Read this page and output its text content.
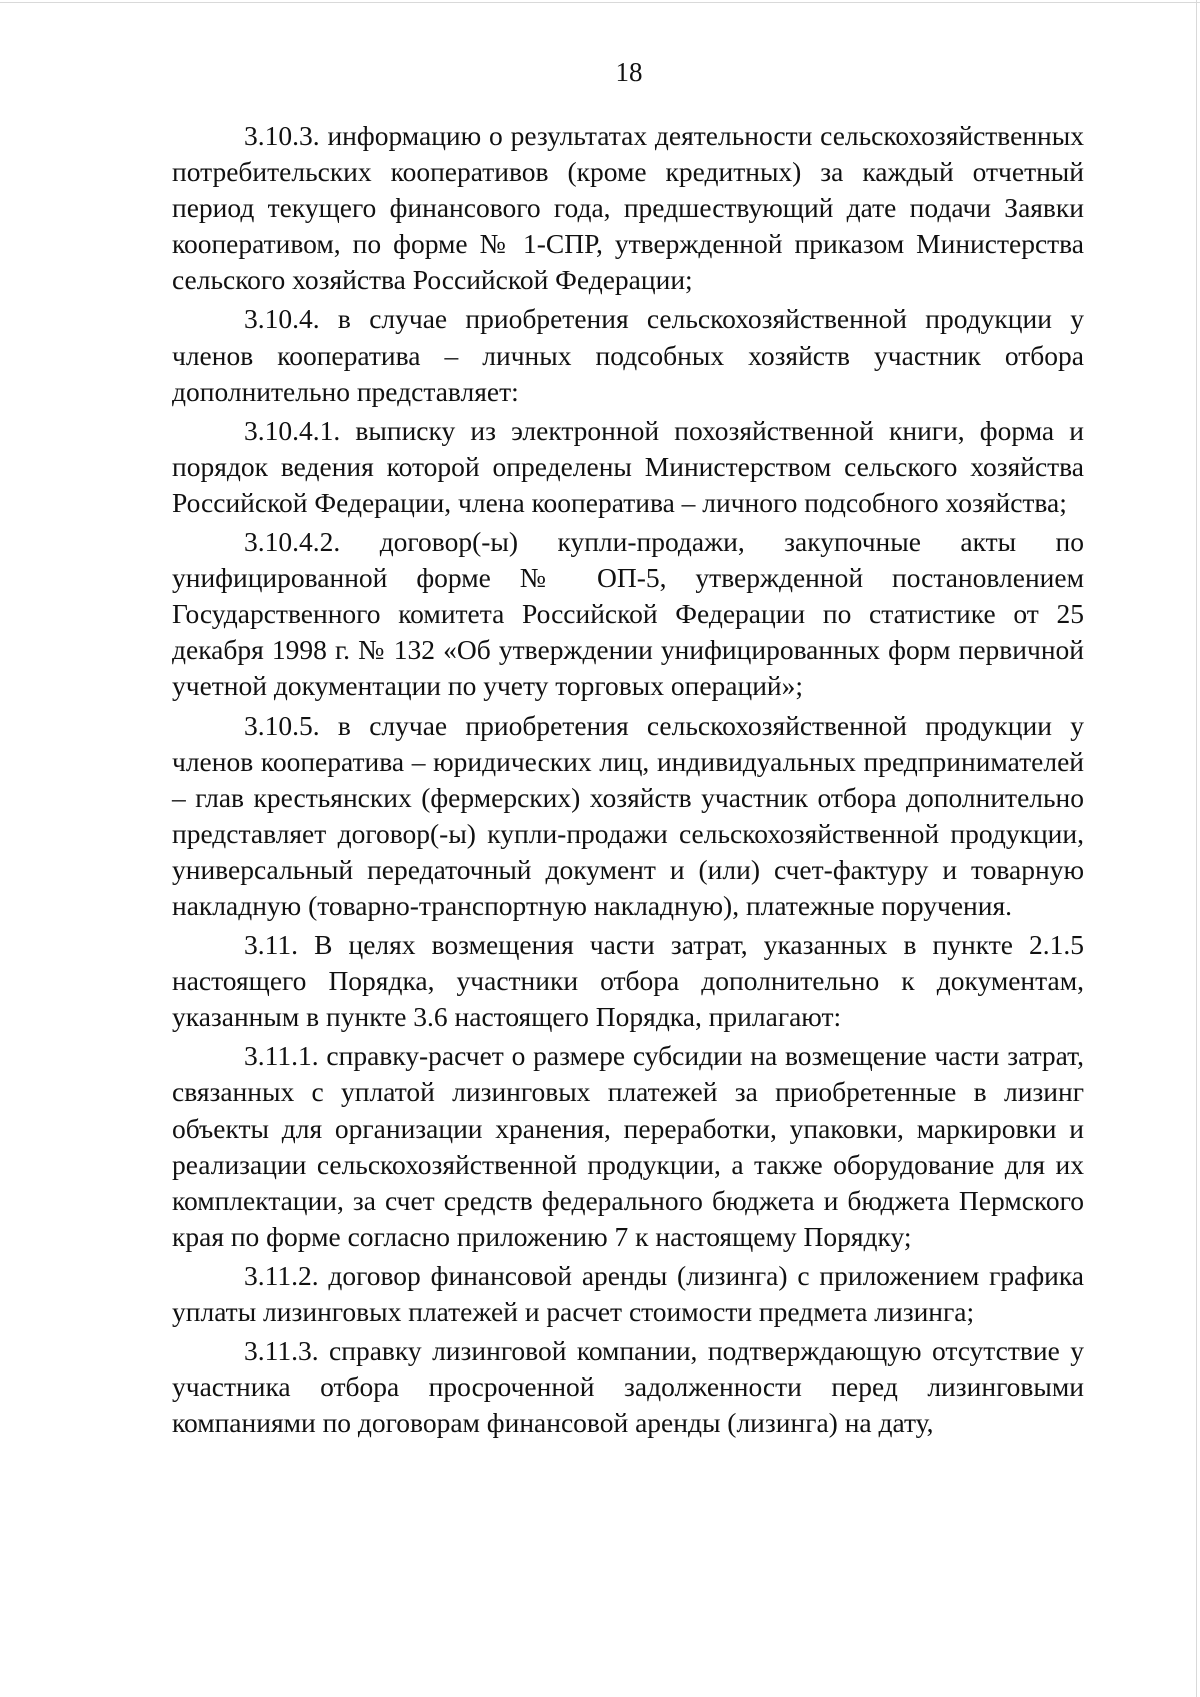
18

3.10.3. информацию о результатах деятельности сельскохозяйственных потребительских кооперативов (кроме кредитных) за каждый отчетный период текущего финансового года, предшествующий дате подачи Заявки кооперативом, по форме № 1-СПР, утвержденной приказом Министерства сельского хозяйства Российской Федерации;

3.10.4. в случае приобретения сельскохозяйственной продукции у членов кооператива – личных подсобных хозяйств участник отбора дополнительно представляет:

3.10.4.1. выписку из электронной похозяйственной книги, форма и порядок ведения которой определены Министерством сельского хозяйства Российской Федерации, члена кооператива – личного подсобного хозяйства;

3.10.4.2. договор(-ы) купли-продажи, закупочные акты по унифицированной форме № ОП-5, утвержденной постановлением Государственного комитета Российской Федерации по статистике от 25 декабря 1998 г. № 132 «Об утверждении унифицированных форм первичной учетной документации по учету торговых операций»;

3.10.5. в случае приобретения сельскохозяйственной продукции у членов кооператива – юридических лиц, индивидуальных предпринимателей – глав крестьянских (фермерских) хозяйств участник отбора дополнительно представляет договор(-ы) купли-продажи сельскохозяйственной продукции, универсальный передаточный документ и (или) счет-фактуру и товарную накладную (товарно-транспортную накладную), платежные поручения.

3.11. В целях возмещения части затрат, указанных в пункте 2.1.5 настоящего Порядка, участники отбора дополнительно к документам, указанным в пункте 3.6 настоящего Порядка, прилагают:

3.11.1. справку-расчет о размере субсидии на возмещение части затрат, связанных с уплатой лизинговых платежей за приобретенные в лизинг объекты для организации хранения, переработки, упаковки, маркировки и реализации сельскохозяйственной продукции, а также оборудование для их комплектации, за счет средств федерального бюджета и бюджета Пермского края по форме согласно приложению 7 к настоящему Порядку;

3.11.2. договор финансовой аренды (лизинга) с приложением графика уплаты лизинговых платежей и расчет стоимости предмета лизинга;

3.11.3. справку лизинговой компании, подтверждающую отсутствие у участника отбора просроченной задолженности перед лизинговыми компаниями по договорам финансовой аренды (лизинга) на дату,
